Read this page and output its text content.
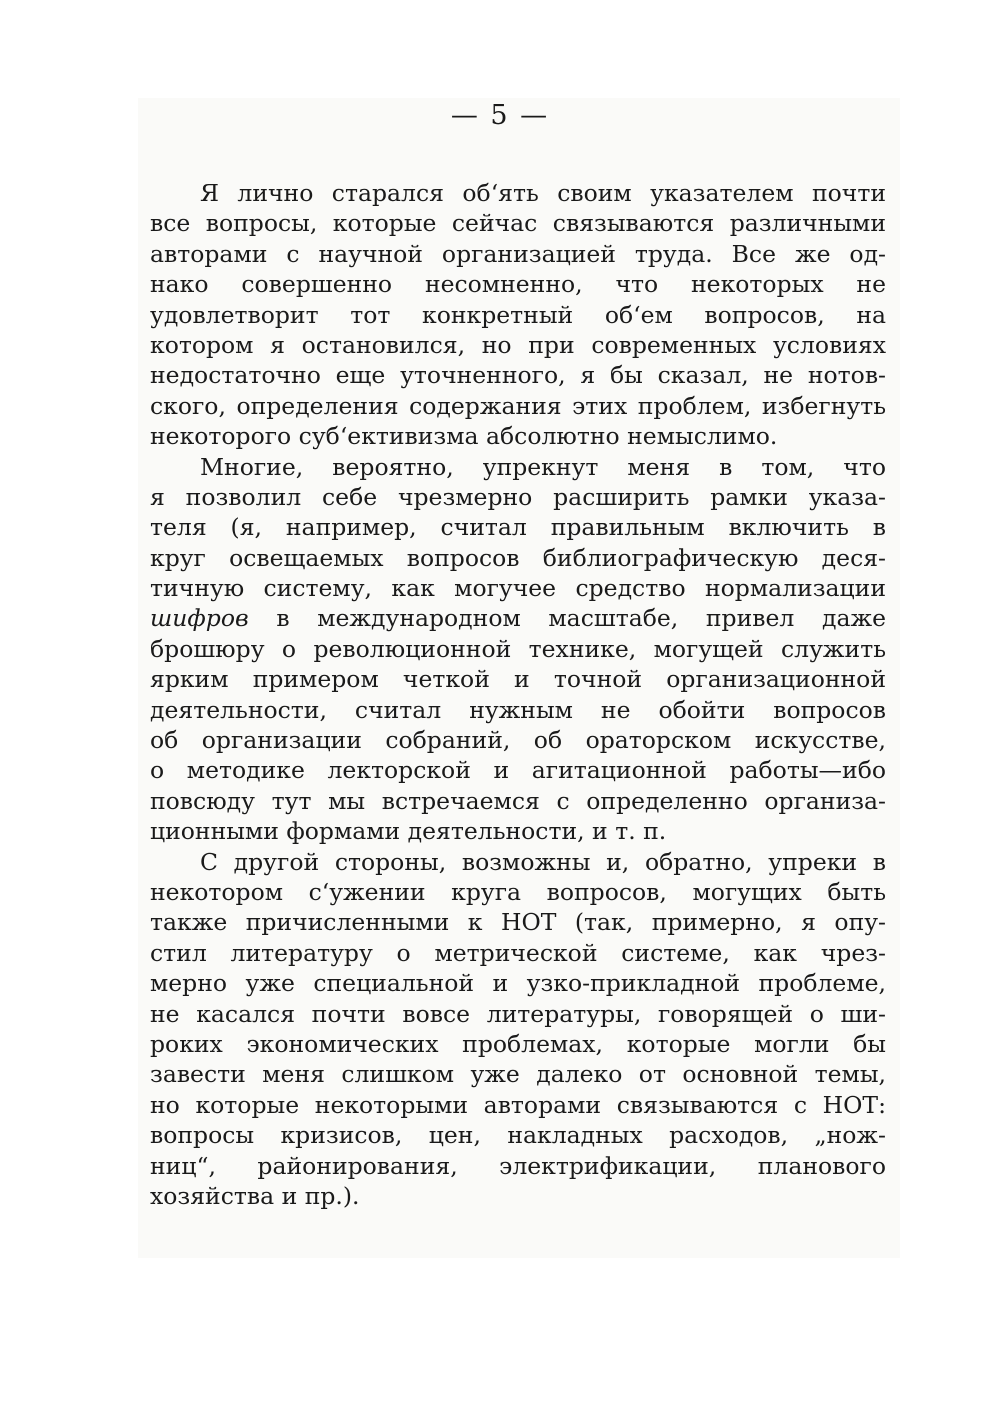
— 5 —

Я лично старался об‘ять своим указателем почти
все вопросы, которые сейчас связываются различными
авторами с научной организацией труда. Все же од-
нако совершенно несомненно, что некоторых не
удовлетворит тот конкретный об‘ем вопросов, на
котором я остановился, но при современных условиях
недостаточно еще уточненного, я бы сказал, не нотов-
ского, определения содержания этих проблем, избегнуть
некоторого суб‘ективизма абсолютно немыслимо.
Многие, вероятно, упрекнут меня в том, что
я позволил себе чрезмерно расширить рамки указа-
теля (я, например, считал правильным включить в
круг освещаемых вопросов библиографическую деся-
тичную систему, как могучее средство нормализации
шифров в международном масштабе, привел даже
брошюру о революционной технике, могущей служить
ярким примером четкой и точной организационной
деятельности, считал нужным не обойти вопросов
об организации собраний, об ораторском искусстве,
о методике лекторской и агитационной работы—ибо
повсюду тут мы встречаемся с определенно организа-
ционными формами деятельности, и т. п.
С другой стороны, возможны и, обратно, упреки в
некотором с‘ужении круга вопросов, могущих быть
также причисленными к НОТ (так, примерно, я опу-
стил литературу о метрической системе, как чрез-
мерно уже специальной и узко-прикладной проблеме,
не касался почти вовсе литературы, говорящей о ши-
роких экономических проблемах, которые могли бы
завести меня слишком уже далеко от основной темы,
но которые некоторыми авторами связываются с НОТ:
вопросы кризисов, цен, накладных расходов, „нож-
ниц“, районирования, электрификации, планового
хозяйства и пр.).
